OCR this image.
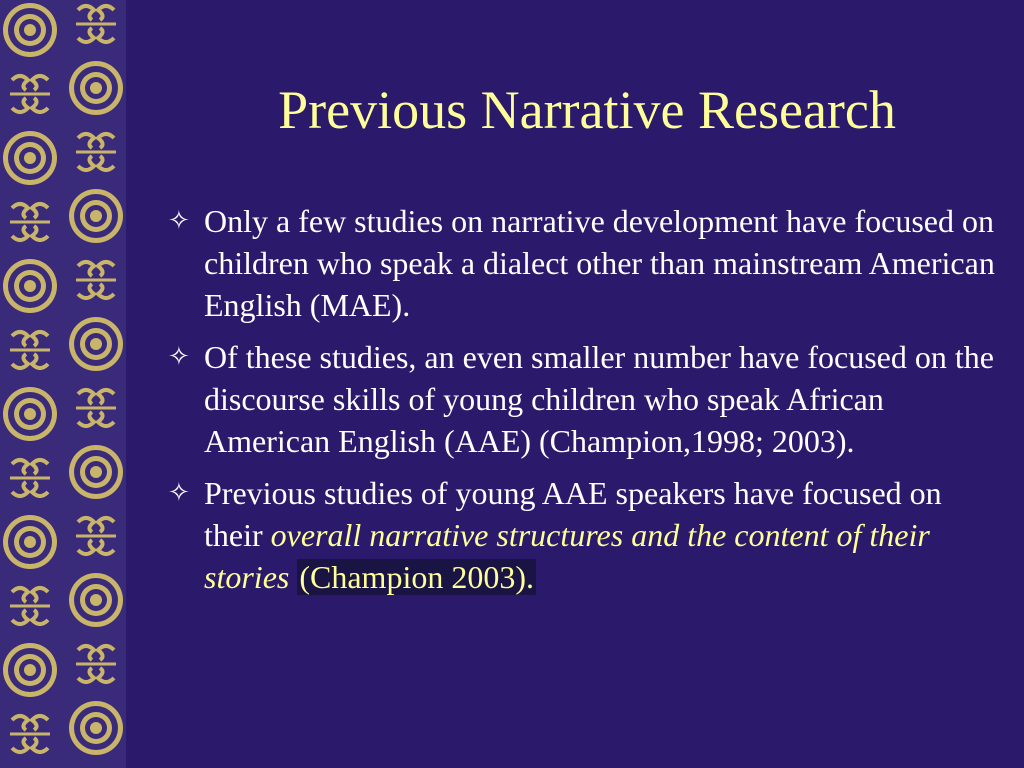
Previous Narrative Research
✧ Only a few studies on narrative development have focused on children who speak a dialect other than mainstream American English (MAE).
✧ Of these studies, an even smaller number have focused on the discourse skills of young children who speak African American English (AAE) (Champion,1998; 2003).
✧ Previous studies of young AAE speakers have focused on their overall narrative structures and the content of their stories (Champion 2003).
